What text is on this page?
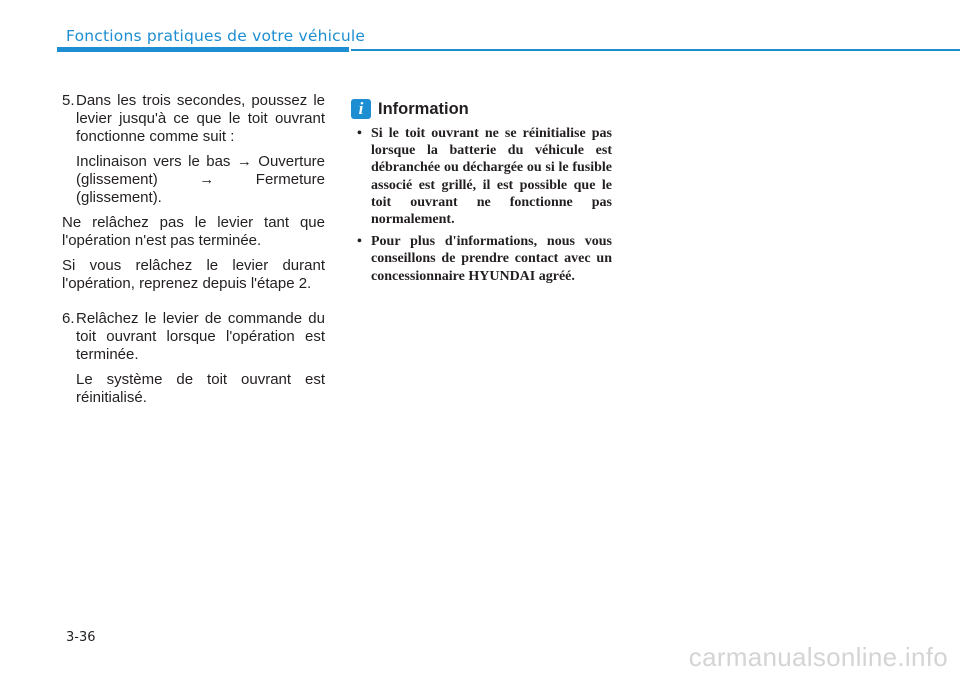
Fonctions pratiques de votre véhicule

5.Dans les trois secondes, poussez le levier jusqu'à ce que le toit ouvrant fonctionne comme suit :

Inclinaison vers le bas → Ouverture (glissement) → Fermeture (glissement).

Ne relâchez pas le levier tant que l'opération n'est pas terminée.

Si vous relâchez le levier durant l'opération, reprenez depuis l'étape 2.

6.Relâchez le levier de commande du toit ouvrant lorsque l'opération est terminée.

Le système de toit ouvrant est réinitialisé.

i Information
• Si le toit ouvrant ne se réinitialise pas lorsque la batterie du véhicule est débranchée ou déchargée ou si le fusible associé est grillé, il est possible que le toit ouvrant ne fonctionne pas normalement.
• Pour plus d'informations, nous vous conseillons de prendre contact avec un concessionnaire HYUNDAI agréé.
3-36
carmanualsonline.info
